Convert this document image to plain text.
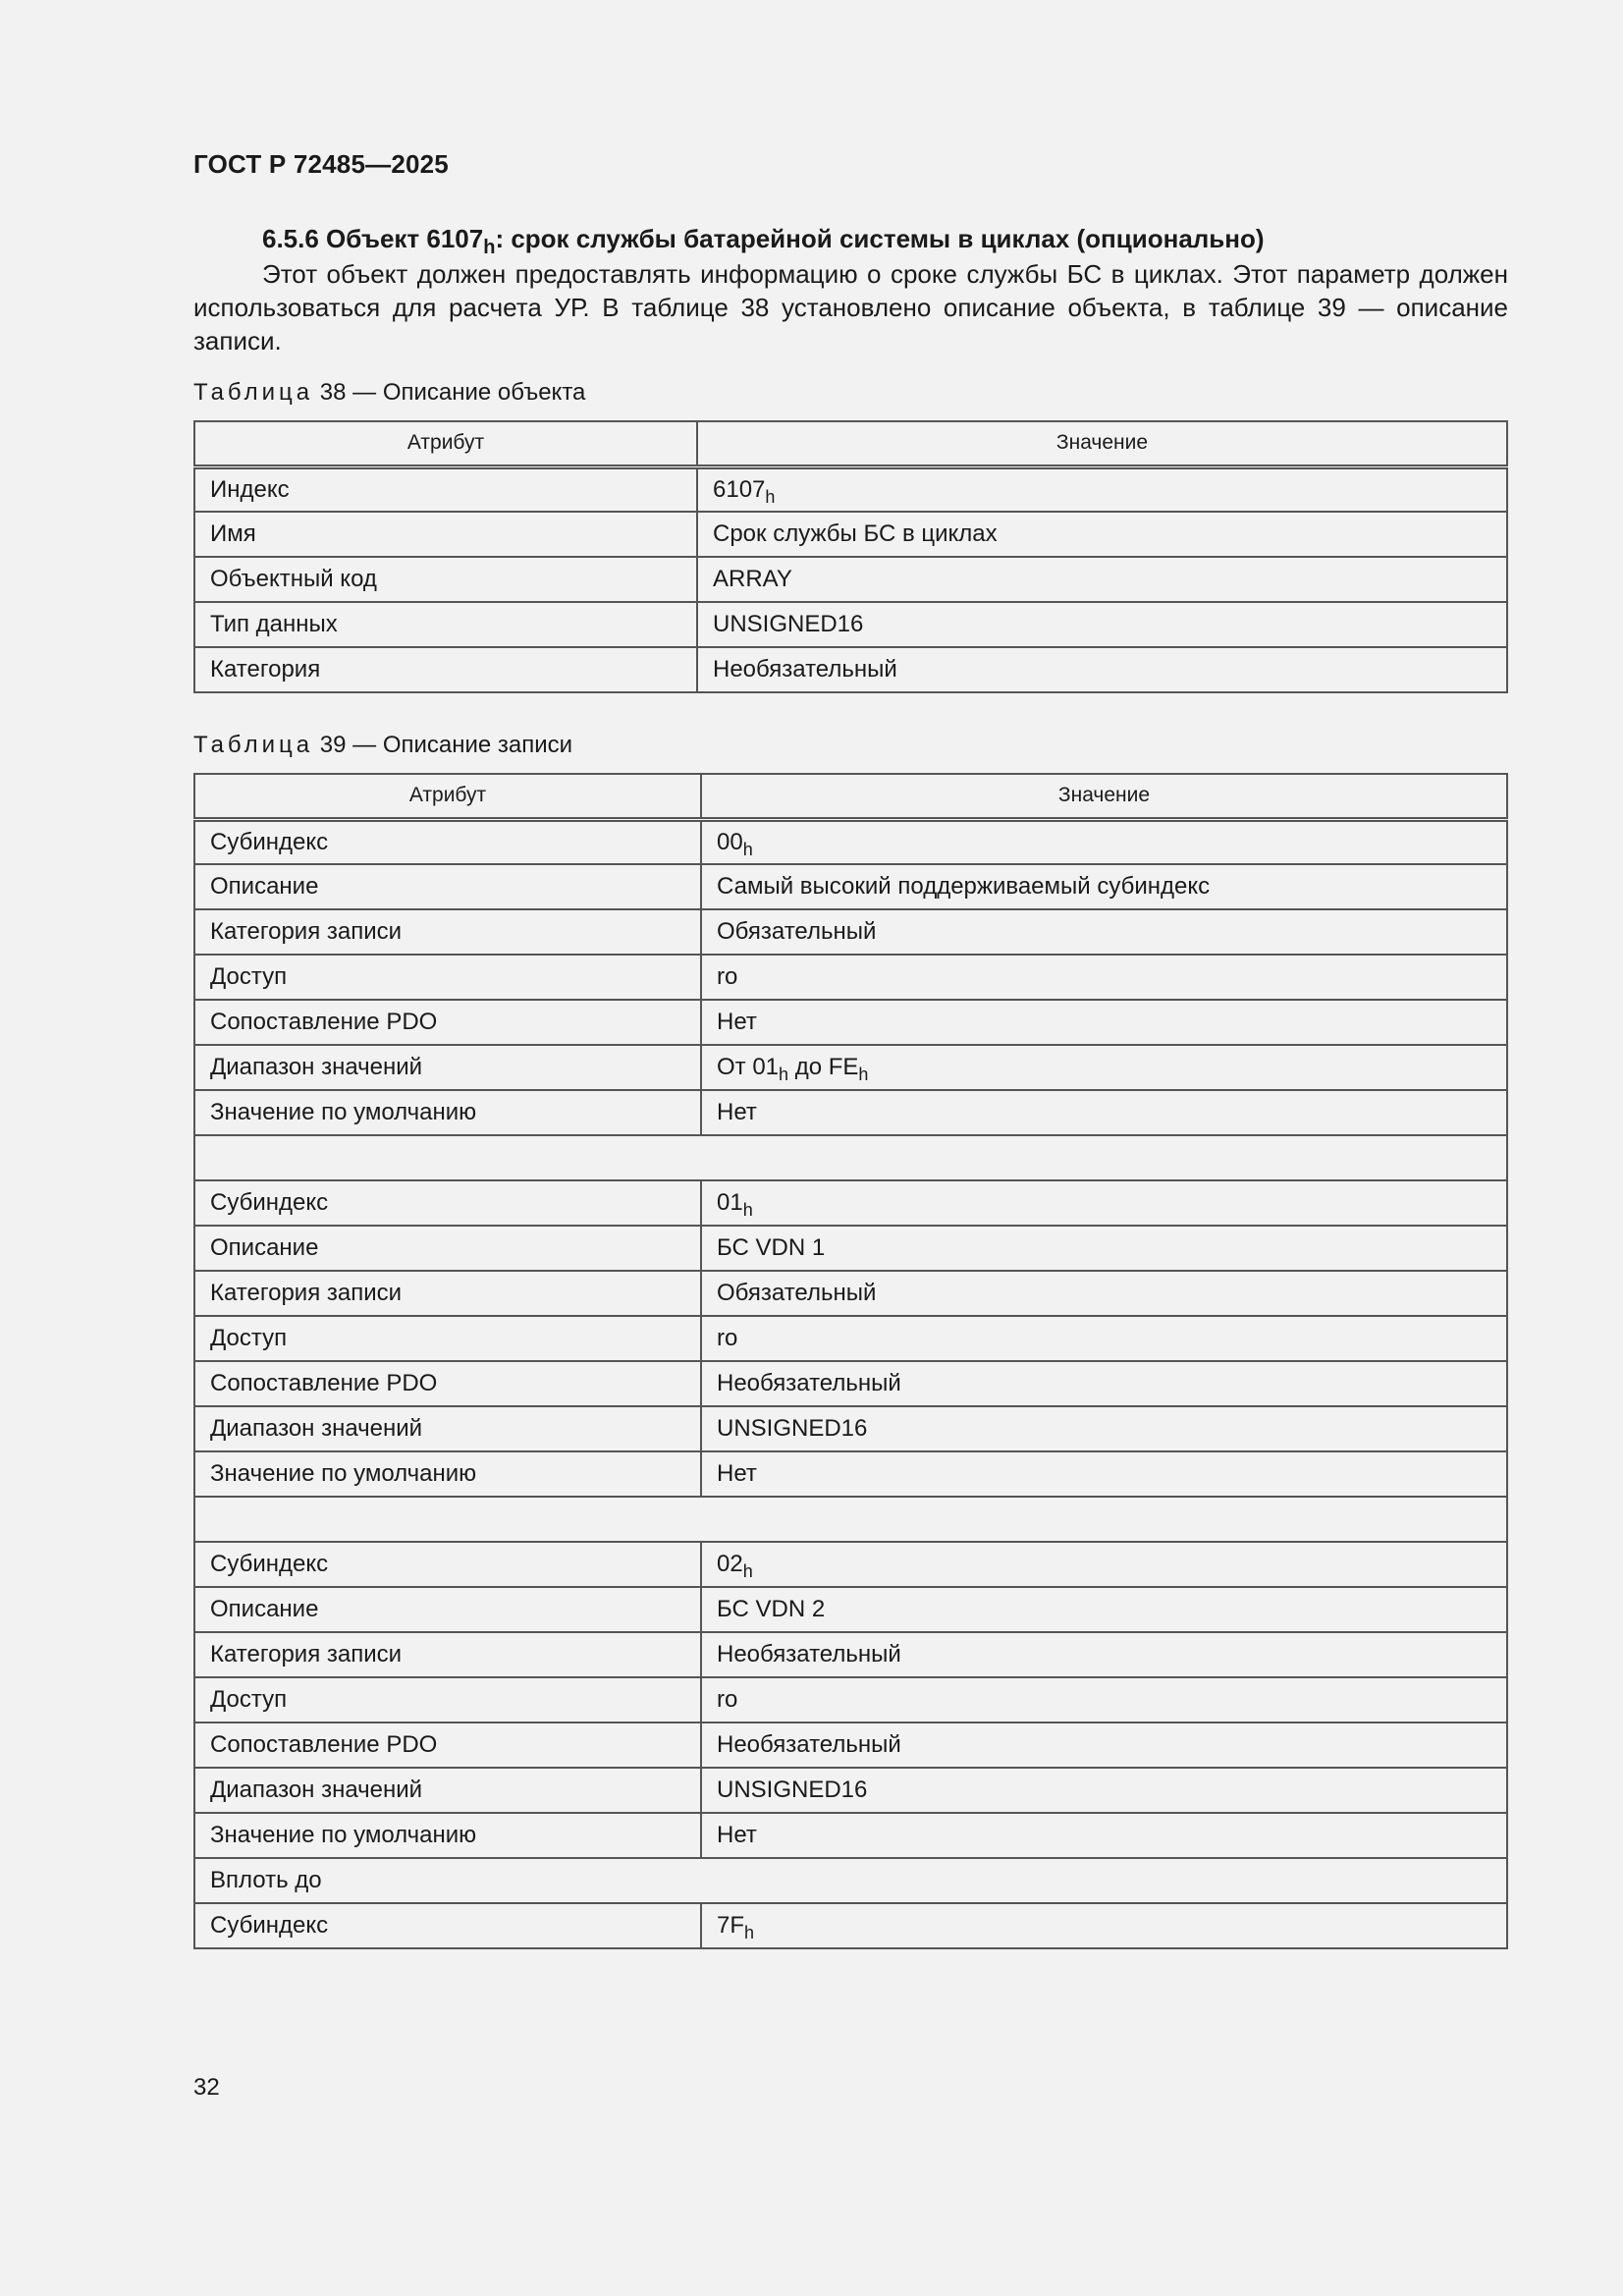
ГОСТ Р 72485—2025
6.5.6 Объект $6107_h$: срок службы батарейной системы в циклах (опционально)
Этот объект должен предоставлять информацию о сроке службы БС в циклах. Этот параметр должен использоваться для расчета УР. В таблице 38 установлено описание объекта, в таблице 39 — описание записи.
Таблица 38 — Описание объекта
Атрибут	Значение
Индекс	$6107_h$
Имя	Срок службы БС в циклах
Объектный код	ARRAY
Тип данных	UNSIGNED16
Категория	Необязательный
Таблица 39 — Описание записи
Атрибут	Значение
Субиндекс	$00_h$
Описание	Самый высокий поддерживаемый субиндекс
Категория записи	Обязательный
Доступ	ro
Сопоставление PDO	Нет
Диапазон значений	От $01_h$ до $FE_h$
Значение по умолчанию	Нет

Субиндекс	$01_h$
Описание	БС VDN 1
Категория записи	Обязательный
Доступ	ro
Сопоставление PDO	Необязательный
Диапазон значений	UNSIGNED16
Значение по умолчанию	Нет

Субиндекс	$02_h$
Описание	БС VDN 2
Категория записи	Необязательный
Доступ	ro
Сопоставление PDO	Необязательный
Диапазон значений	UNSIGNED16
Значение по умолчанию	Нет
Вплоть до	
Субиндекс	$7F_h$
32
